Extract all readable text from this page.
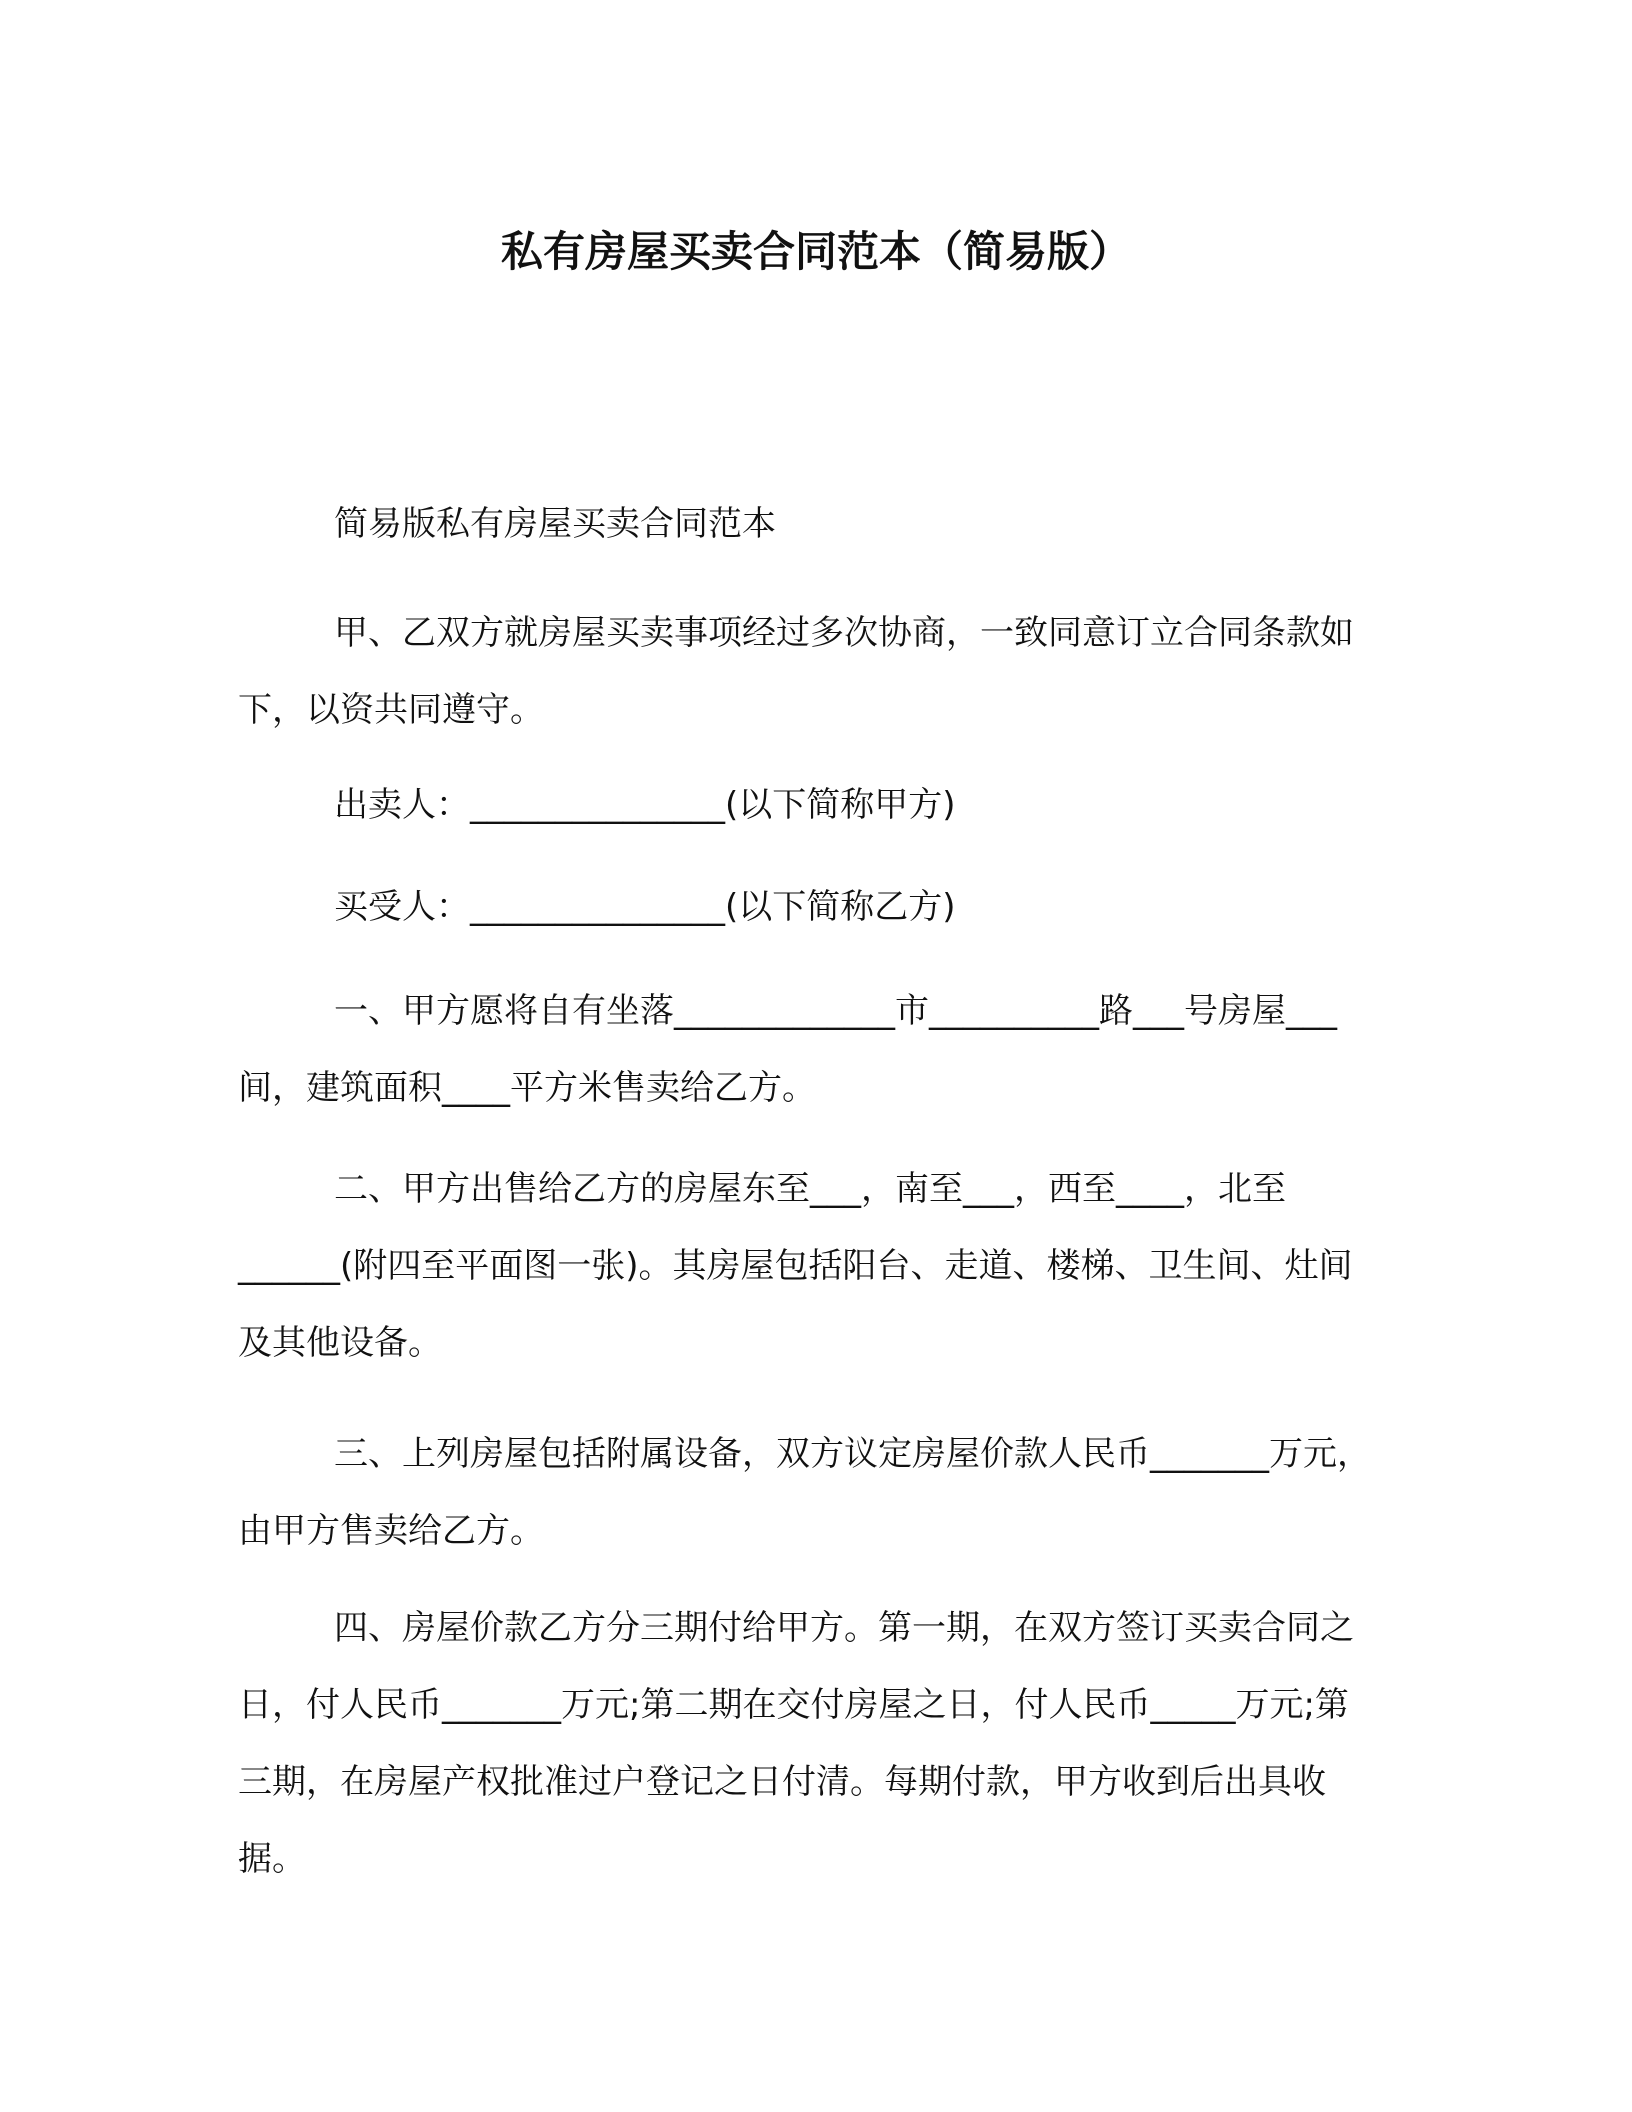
私有房屋买卖合同范本（简易版）
简易版私有房屋买卖合同范本

甲、乙双方就房屋买卖事项经过多次协商，一致同意订立合同条款如下，以资共同遵守。

出卖人：_______________(以下简称甲方)

买受人：_______________(以下简称乙方)

一、甲方愿将自有坐落_____________市__________路___号房屋___间，建筑面积____平方米售卖给乙方。

二、甲方出售给乙方的房屋东至___，南至___，西至____，北至______(附四至平面图一张)。其房屋包括阳台、走道、楼梯、卫生间、灶间及其他设备。

三、上列房屋包括附属设备，双方议定房屋价款人民币_______万元，由甲方售卖给乙方。

四、房屋价款乙方分三期付给甲方。第一期，在双方签订买卖合同之日，付人民币_______万元;第二期在交付房屋之日，付人民币_____万元;第三期，在房屋产权批准过户登记之日付清。每期付款，甲方收到后出具收据。
